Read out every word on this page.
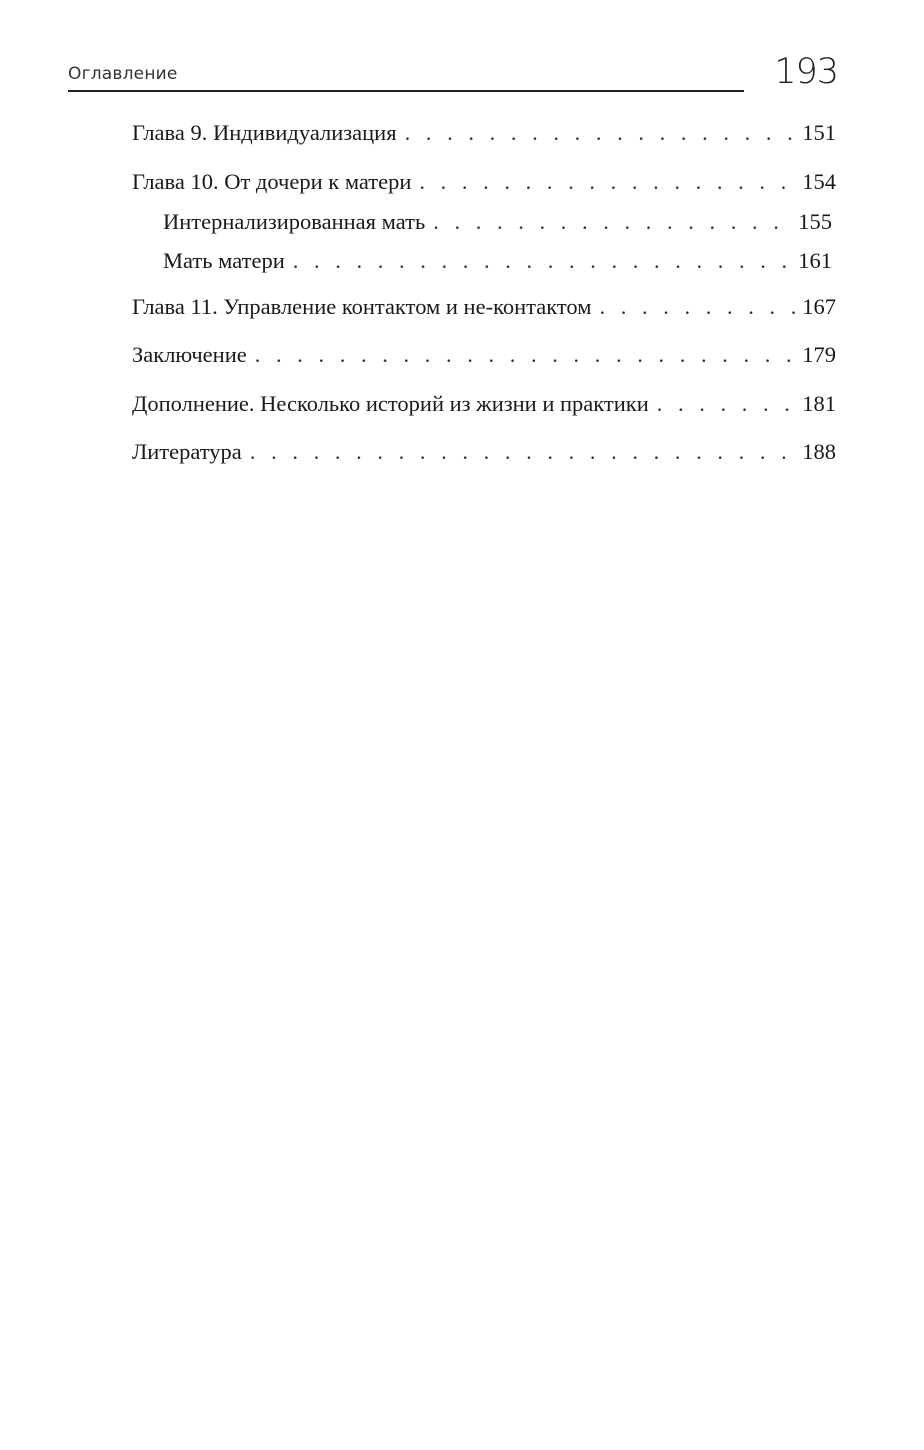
Оглавление	193
Глава 9. Индивидуализация . . .	151
Глава 10. От дочери к матери . . .	154
Интернализированная мать . . .	155
Мать матери . . .	161
Глава 11. Управление контактом и не-контактом . . .	167
Заключение . . .	179
Дополнение. Несколько историй из жизни и практики . . .	181
Литература . . .	188
